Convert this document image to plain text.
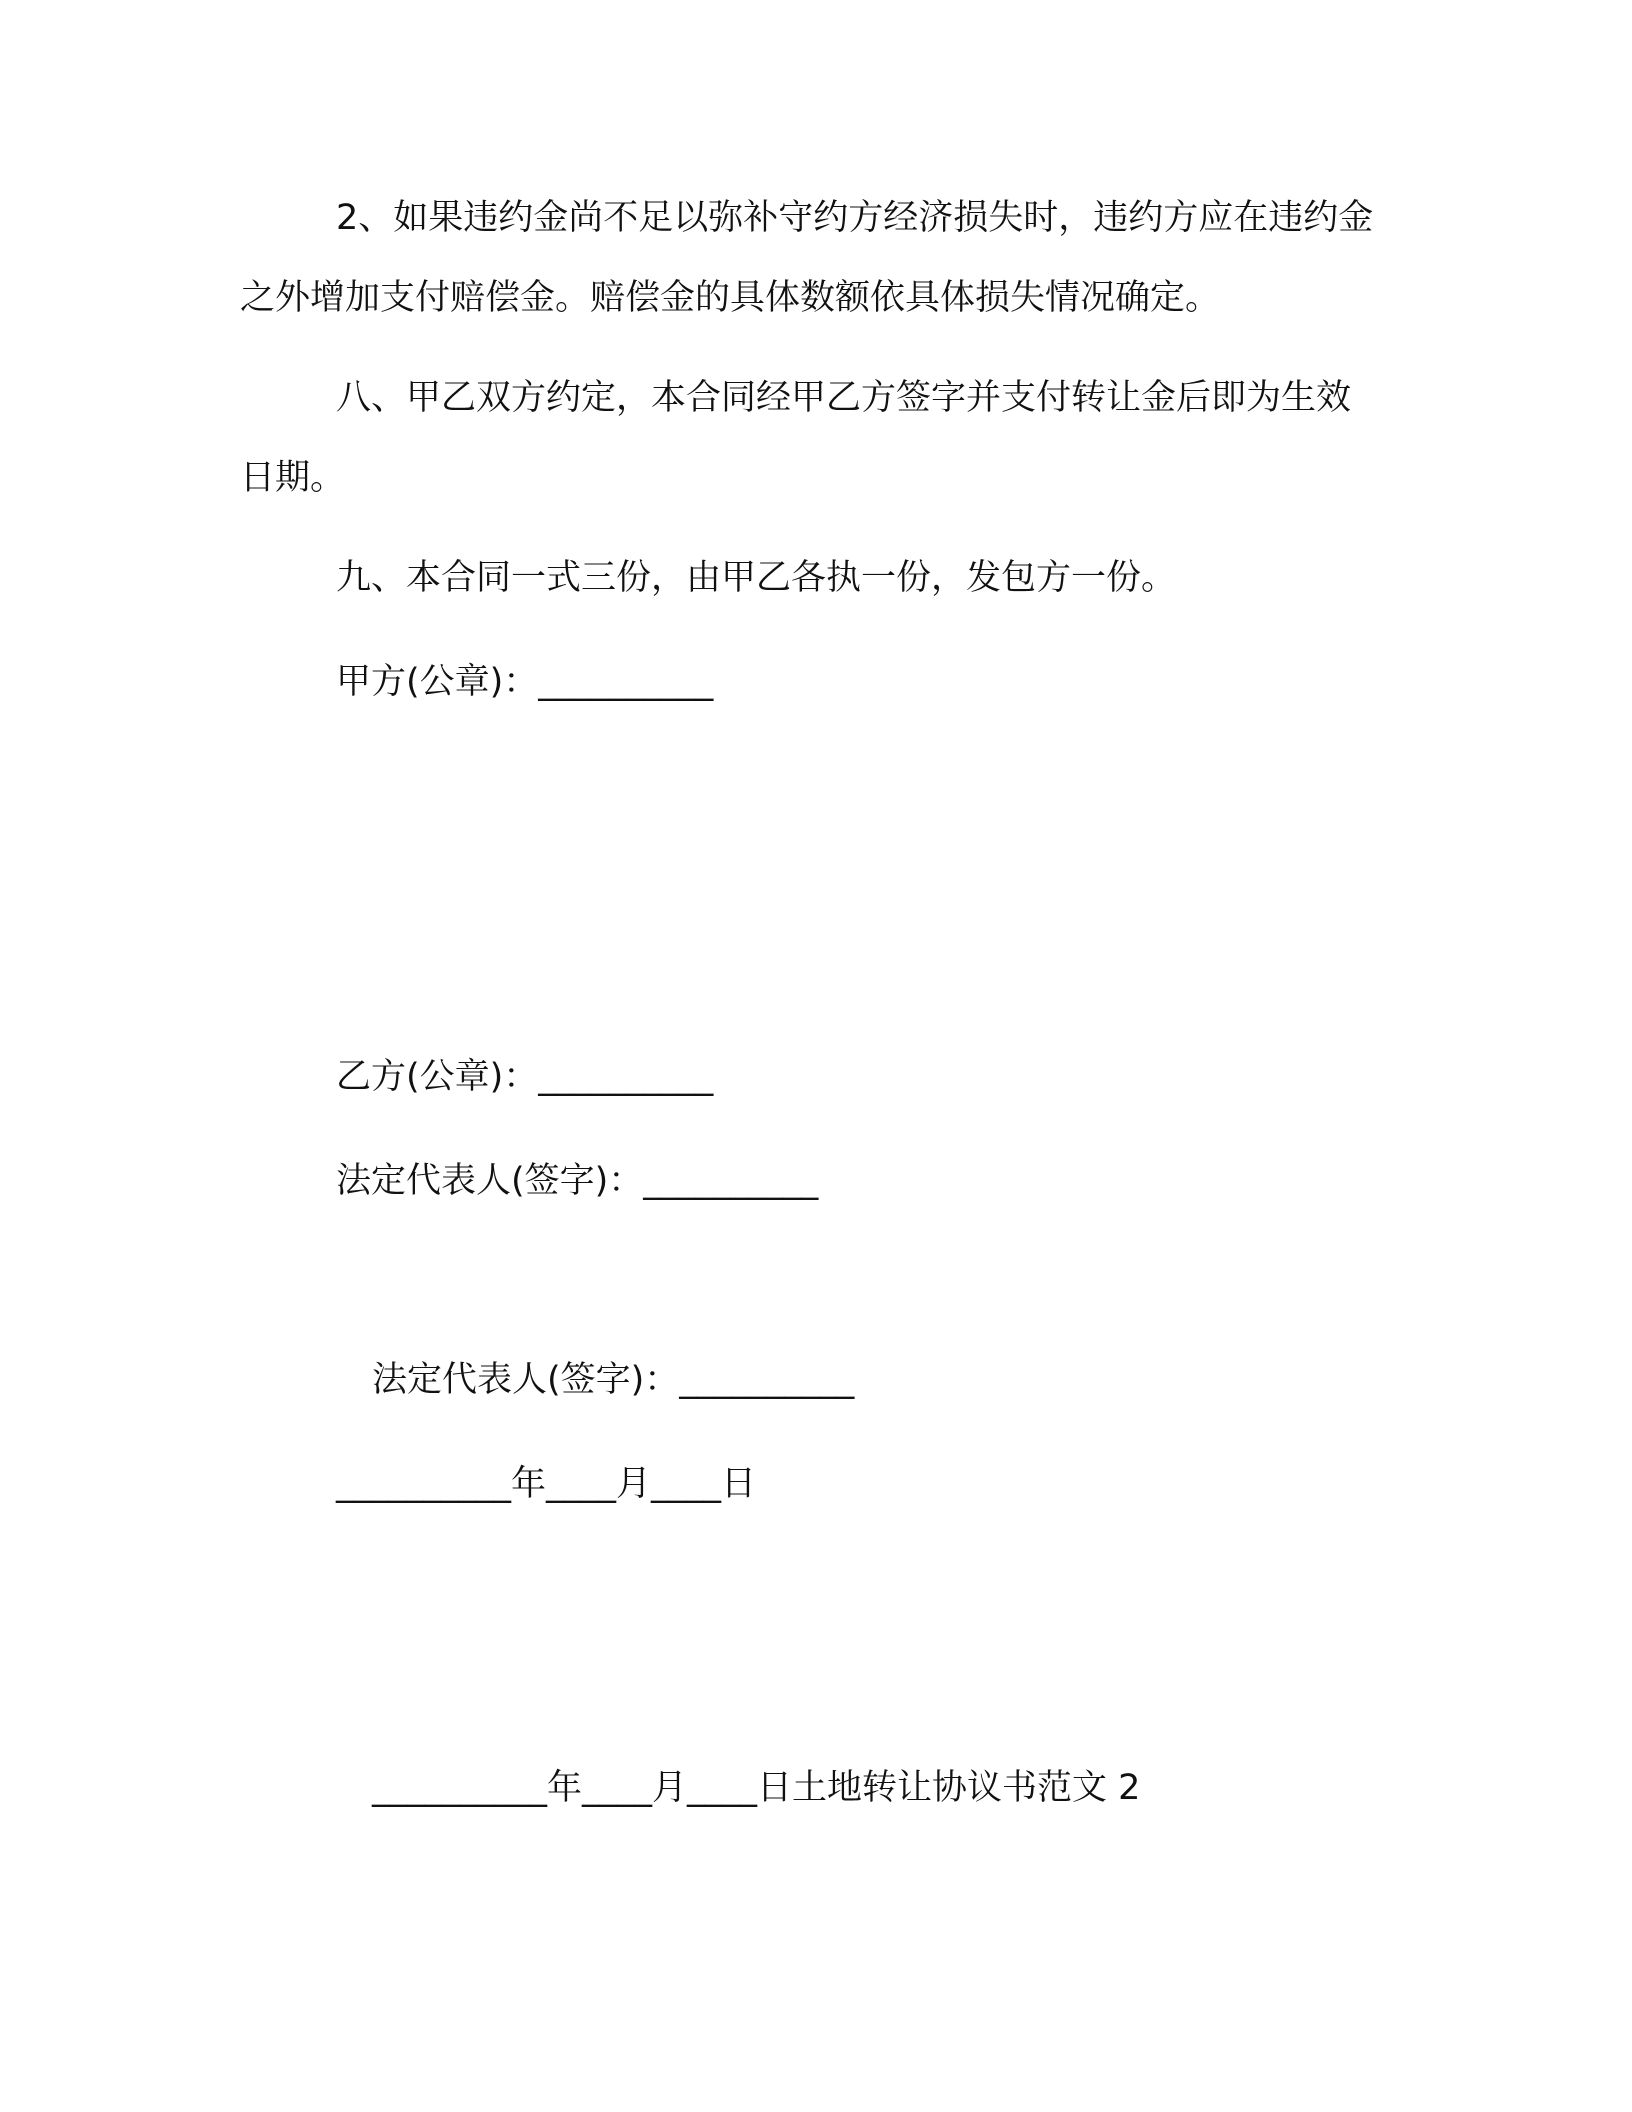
2、如果违约金尚不足以弥补守约方经济损失时，违约方应在违约金之外增加支付赔偿金。赔偿金的具体数额依具体损失情况确定。

八、甲乙双方约定，本合同经甲乙方签字并支付转让金后即为生效日期。

九、本合同一式三份，由甲乙各执一份，发包方一份。

甲方(公章)：__________
乙方(公章)：__________
法定代表人(签字)：__________
法定代表人(签字)：__________
__________年____月____日
__________年____月____日土地转让协议书范文 2
